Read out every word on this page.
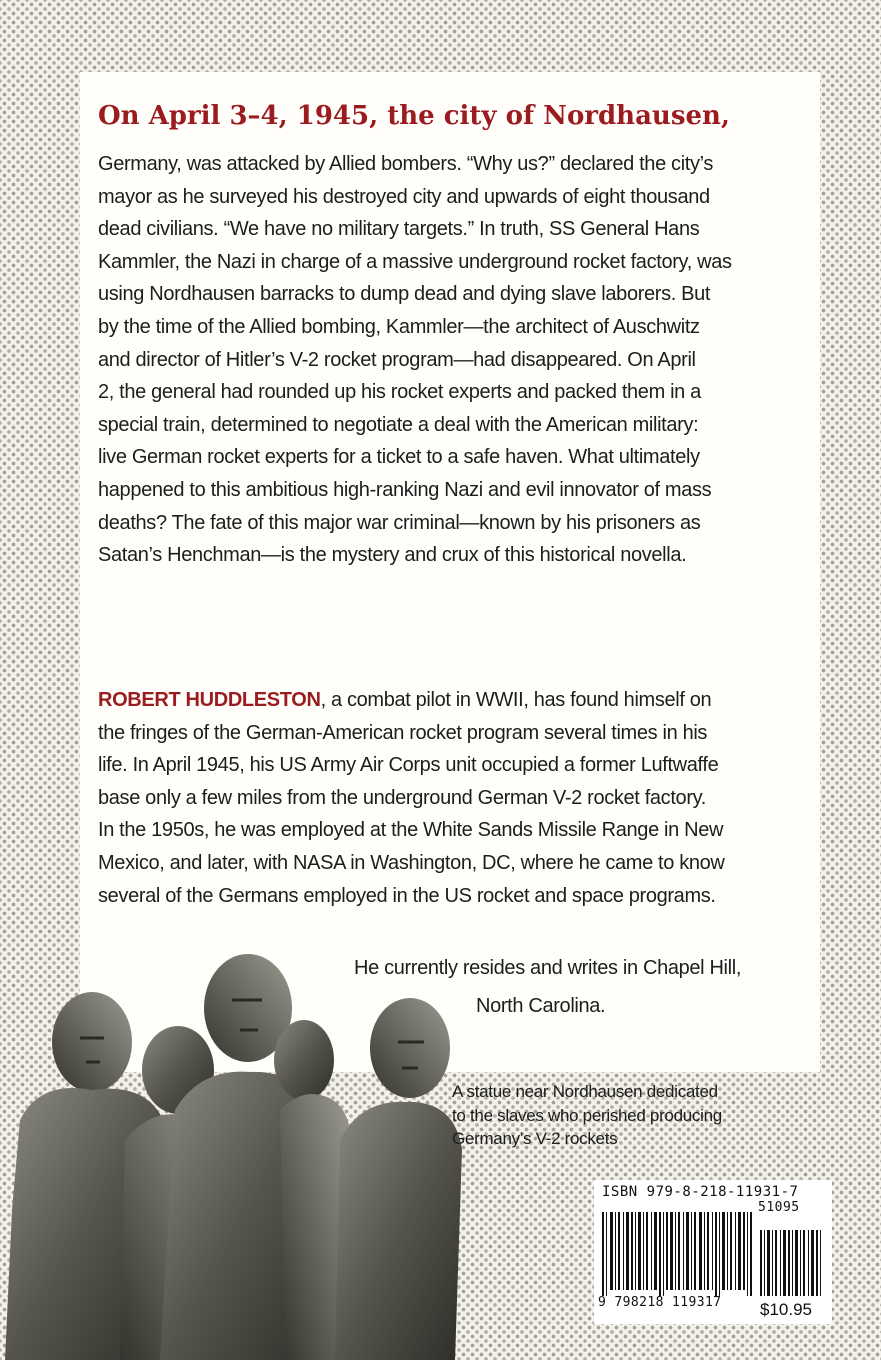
On April 3–4, 1945, the city of Nordhausen,
Germany, was attacked by Allied bombers. “Why us?” declared the city’s
mayor as he surveyed his destroyed city and upwards of eight thousand
dead civilians. “We have no military targets.” In truth, SS General Hans
Kammler, the Nazi in charge of a massive underground rocket factory, was
using Nordhausen barracks to dump dead and dying slave laborers. But
by the time of the Allied bombing, Kammler—the architect of Auschwitz
and director of Hitler’s V-2 rocket program—had disappeared. On April
2, the general had rounded up his rocket experts and packed them in a
special train, determined to negotiate a deal with the American military:
live German rocket experts for a ticket to a safe haven. What ultimately
happened to this ambitious high-ranking Nazi and evil innovator of mass
deaths? The fate of this major war criminal—known by his prisoners as
Satan’s Henchman—is the mystery and crux of this historical novella.
ROBERT HUDDLESTON, a combat pilot in WWII, has found himself on
the fringes of the German-American rocket program several times in his
life. In April 1945, his US Army Air Corps unit occupied a former Luftwaffe
base only a few miles from the underground German V-2 rocket factory.
In the 1950s, he was employed at the White Sands Missile Range in New
Mexico, and later, with NASA in Washington, DC, where he came to know
several of the Germans employed in the US rocket and space programs.
He currently resides and writes in Chapel Hill,
North Carolina.
A statue near Nordhausen dedicated
to the slaves who perished producing
Germany’s V-2 rockets
ISBN 979-8-218-11931-7
51095
9 798218 119317 $10.95
